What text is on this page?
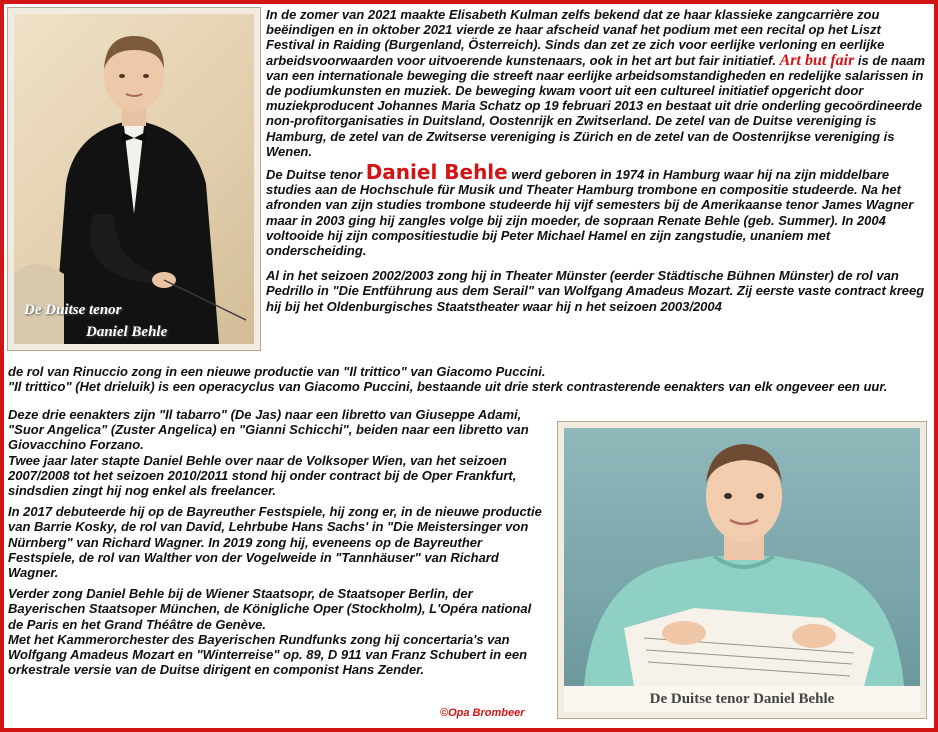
De Duitse tenor
Daniel Behle
De Duitse tenor Daniel Behle

In de zomer van 2021 maakte Elisabeth Kulman zelfs bekend dat ze haar klassieke zangcarrière zou beëindigen en in oktober 2021 vierde ze haar afscheid vanaf het podium met een recital op het Liszt Festival in Raiding (Burgenland, Österreich). Sinds dan zet ze zich voor eerlijke verloning en eerlijke arbeidsvoorwaarden voor uitvoerende kunstenaars, ook in het art but fair initiatief. Art but fair is de naam van een internationale beweging die streeft naar eerlijke arbeidsomstandigheden en redelijke salarissen in de podiumkunsten en muziek. De beweging kwam voort uit een cultureel initiatief opgericht door muziekproducent Johannes Maria Schatz op 19 februari 2013 en bestaat uit drie onderling gecoördineerde non-profitorganisaties in Duitsland, Oostenrijk en Zwitserland. De zetel van de Duitse vereniging is Hamburg, de zetel van de Zwitserse vereniging is Zürich en de zetel van de Oostenrijkse vereniging is Wenen.

De Duitse tenor Daniel Behle werd geboren in 1974 in Hamburg waar hij na zijn middelbare studies aan de Hochschule für Musik und Theater Hamburg trombone en compositie studeerde. Na het afronden van zijn studies trombone studeerde hij vijf semesters bij de Amerikaanse tenor James Wagner maar in 2003 ging hij zangles volge bij zijn moeder, de sopraan Renate Behle (geb. Summer). In 2004 voltooide hij zijn compositiestudie bij Peter Michael Hamel en zijn zangstudie, unaniem met onderscheiding.

Al in het seizoen 2002/2003 zong hij in Theater Münster (eerder Städtische Bühnen Münster) de rol van Pedrillo in "Die Entführung aus dem Serail" van Wolfgang Amadeus Mozart. Zij eerste vaste contract kreeg hij bij het Oldenburgisches Staatstheater waar hij n het seizoen 2003/2004

de rol van Rinuccio zong in een nieuwe productie van "Il trittico" van Giacomo Puccini.
"Il trittico" (Het drieluik) is een operacyclus van Giacomo Puccini, bestaande uit drie sterk contrasterende eenakters van elk ongeveer een uur.
Deze drie eenakters zijn "Il tabarro" (De Jas) naar een libretto van Giuseppe Adami, "Suor Angelica" (Zuster Angelica) en "Gianni Schicchi", beiden naar een libretto van Giovacchino Forzano.

Twee jaar later stapte Daniel Behle over naar de Volksoper Wien, van het seizoen 2007/2008 tot het seizoen 2010/2011 stond hij onder contract bij de Oper Frankfurt, sindsdien zingt hij nog enkel als freelancer.

In 2017 debuteerde hij op de Bayreuther Festspiele, hij zong er, in de nieuwe productie van Barrie Kosky, de rol van David, Lehrbube Hans Sachs' in "Die Meistersinger von Nürnberg" van Richard Wagner. In 2019 zong hij, eveneens op de Bayreuther Festspiele, de rol van Walther von der Vogelweide in "Tannhäuser" van Richard Wagner.

Verder zong Daniel Behle bij de Wiener Staatsopr, de Staatsoper Berlin, der Bayerischen Staatsoper München, de Königliche Oper (Stockholm), L'Opéra national de Paris en het Grand Théâtre de Genève.
Met het Kammerorchester des Bayerischen Rundfunks zong hij concertaria's van Wolfgang Amadeus Mozart en "Winterreise" op. 89, D 911 van Franz Schubert in een orkestrale versie van de Duitse dirigent en componist Hans Zender.
©Opa Brombeer
